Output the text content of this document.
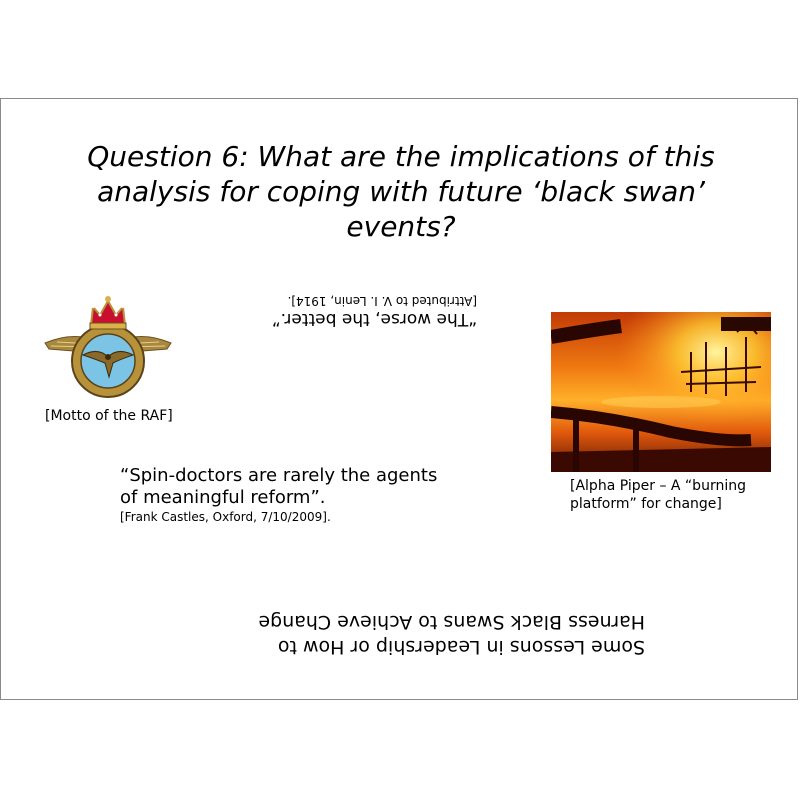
Question 6: What are the implications of this analysis for coping with future ‘black swan’ events?
[Motto of the RAF]
“The worse, the better.”
[Attributed to V. I. Lenin, 1914].
[Alpha Piper – A “burning platform” for change]
“Spin-doctors are rarely the agents of meaningful reform”.
[Frank Castles, Oxford, 7/10/2009].
Some Lessons in Leadership or How to Harness Black Swans to Achieve Change
